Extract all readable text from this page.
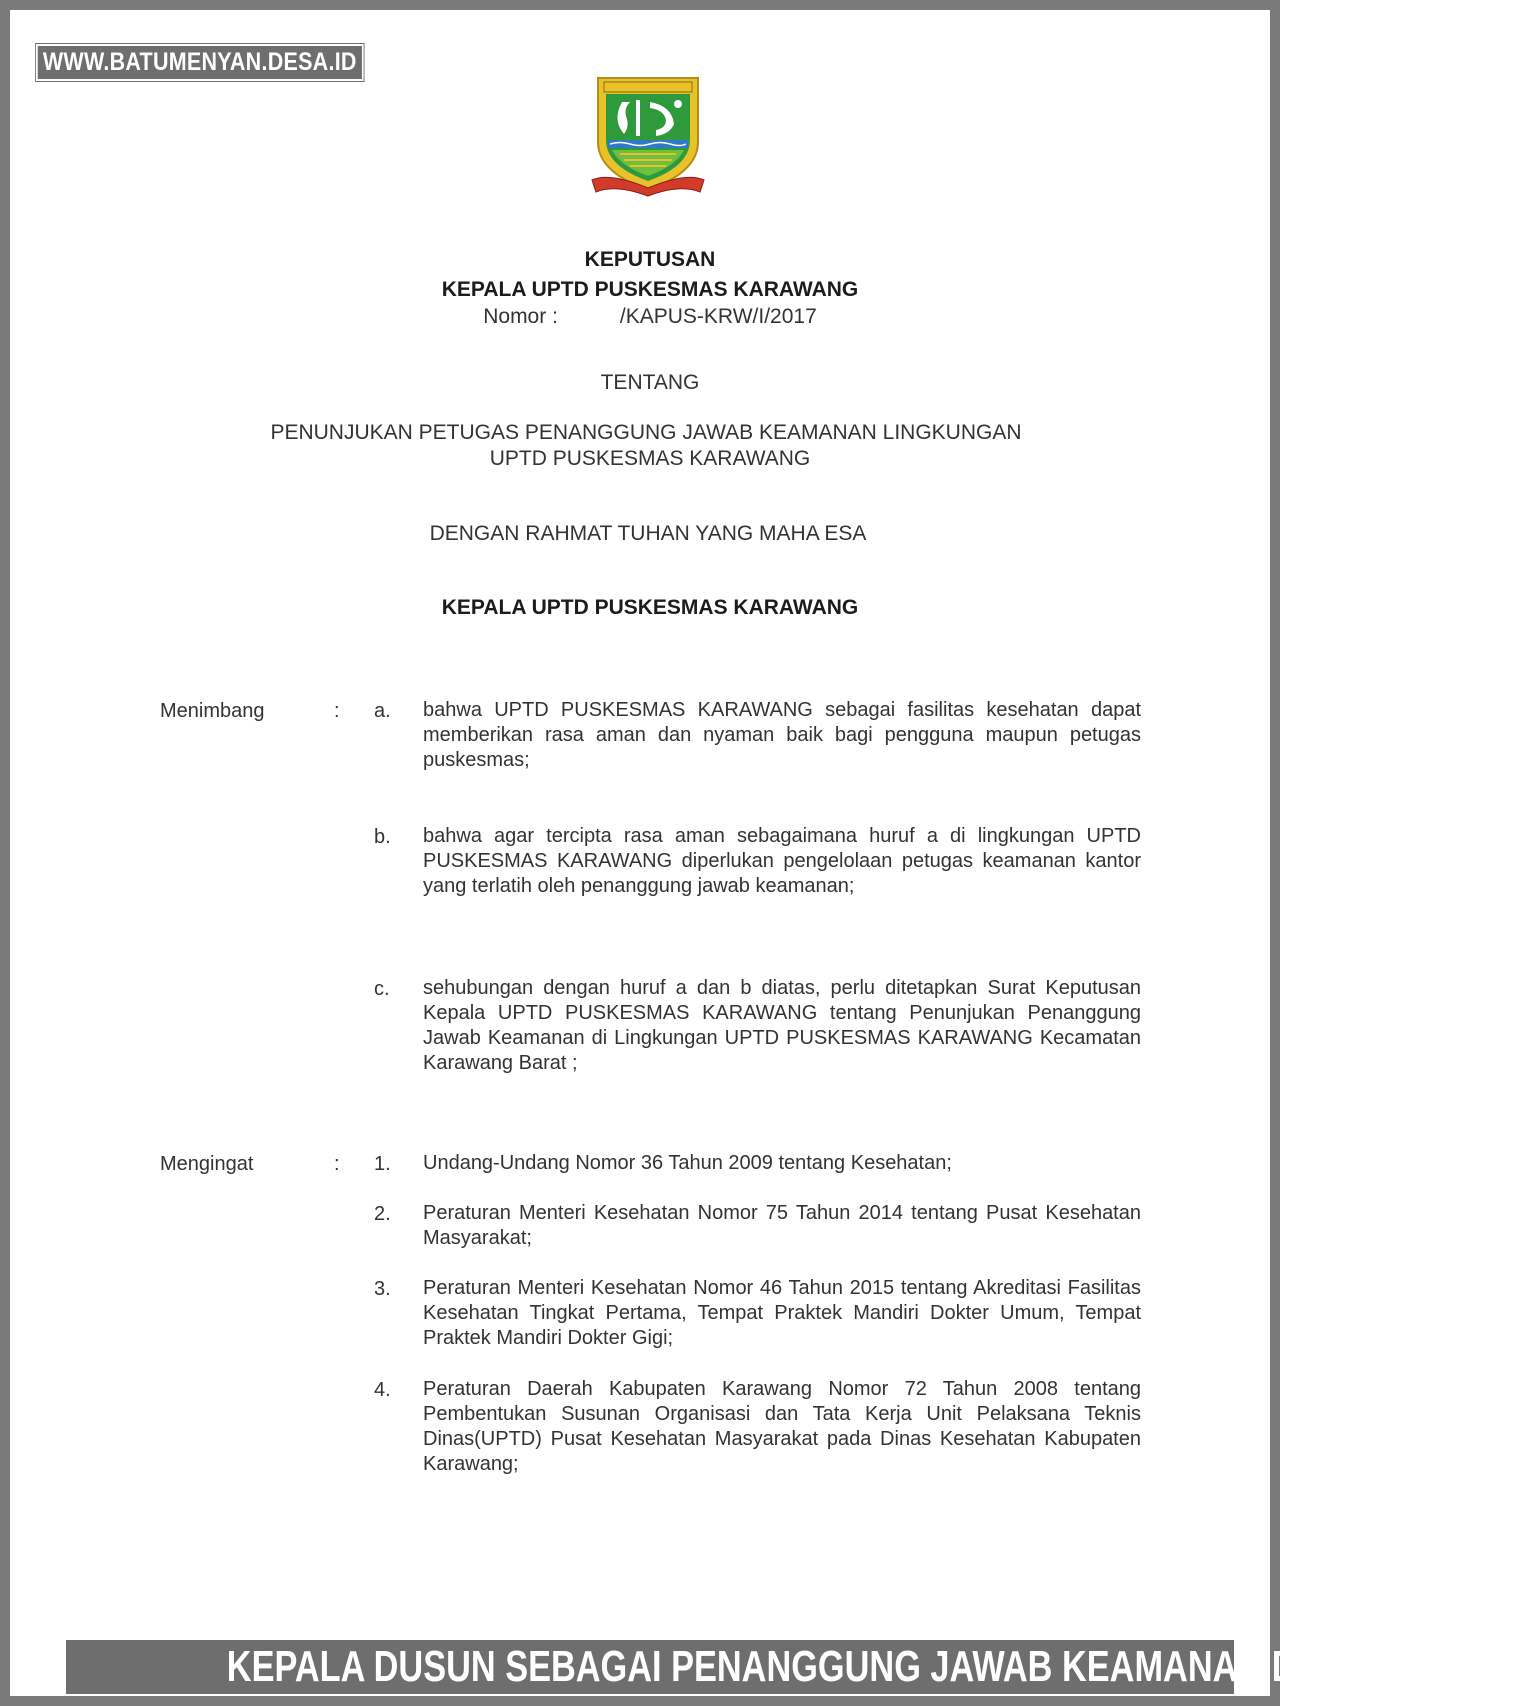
WWW.BATUMENYAN.DESA.ID
KEPUTUSAN
KEPALA UPTD PUSKESMAS KARAWANG
Nomor :	/KAPUS-KRW/I/2017
TENTANG
PENUNJUKAN PETUGAS PENANGGUNG JAWAB KEAMANAN LINGKUNGAN
UPTD PUSKESMAS KARAWANG
DENGAN RAHMAT TUHAN YANG MAHA ESA
KEPALA UPTD PUSKESMAS KARAWANG
Menimbang	: a. bahwa UPTD PUSKESMAS KARAWANG sebagai fasilitas kesehatan dapat memberikan rasa aman dan nyaman baik bagi pengguna maupun petugas puskesmas;
b. bahwa agar tercipta rasa aman sebagaimana huruf a di lingkungan UPTD PUSKESMAS KARAWANG diperlukan pengelolaan petugas keamanan kantor yang terlatih oleh penanggung jawab keamanan;
c. sehubungan dengan huruf a dan b diatas, perlu ditetapkan Surat Keputusan Kepala UPTD PUSKESMAS KARAWANG tentang Penunjukan Penanggung Jawab Keamanan di Lingkungan UPTD PUSKESMAS KARAWANG Kecamatan Karawang Barat ;
Mengingat	: 1. Undang-Undang Nomor 36 Tahun 2009 tentang Kesehatan;
2. Peraturan Menteri Kesehatan Nomor 75 Tahun 2014 tentang Pusat Kesehatan Masyarakat;
3. Peraturan Menteri Kesehatan Nomor 46 Tahun 2015 tentang Akreditasi Fasilitas Kesehatan Tingkat Pertama, Tempat Praktek Mandiri Dokter Umum, Tempat Praktek Mandiri Dokter Gigi;
4. Peraturan Daerah Kabupaten Karawang Nomor 72 Tahun 2008 tentang Pembentukan Susunan Organisasi dan Tata Kerja Unit Pelaksana Teknis Dinas(UPTD) Pusat Kesehatan Masyarakat pada Dinas Kesehatan Kabupaten Karawang;
KEPALA DUSUN SEBAGAI PENANGGUNG JAWAB KEAMANAN DESA
